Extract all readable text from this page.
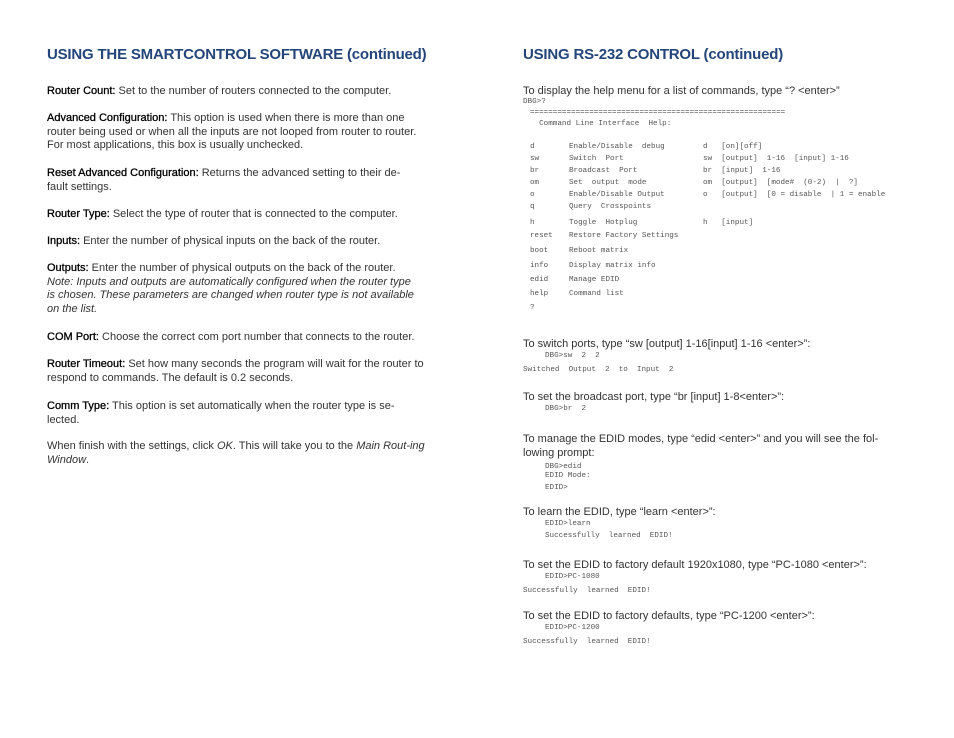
USING THE SMARTCONTROL SOFTWARE (continued)

Router Count: Set to the number of routers connected to the computer.

Advanced Configuration: This option is used when there is more than one router being used or when all the inputs are not looped from router to router. For most applications, this box is usually unchecked.

Reset Advanced Configuration: Returns the advanced setting to their de-fault settings.

Router Type: Select the type of router that is connected to the computer.

Inputs: Enter the number of physical inputs on the back of the router.

Outputs: Enter the number of physical outputs on the back of the router.
Note: Inputs and outputs are automatically configured when the router type is chosen. These parameters are changed when router type is not available on the list.

COM Port: Choose the correct com port number that connects to the router.

Router Timeout: Set how many seconds the program will wait for the router to respond to commands. The default is 0.2 seconds.

Comm Type: This option is set automatically when the router type is se-lected.

When finish with the settings, click OK. This will take you to the Main Rout-ing Window.

USING RS-232 CONTROL (continued)

To display the help menu for a list of commands, type “? <enter>”

DBG>?

========================================================

Command Line Interface  Help:

d	Enable/Disable  debug	d   [on][off]
sw	Switch  Port	sw  [output]  1-16  [input] 1-16
br	Broadcast  Port	br  [input]  1-16
om	Set  output  mode	om  [output]  [mode#  (0-2)  |  ?]
o	Enable/Disable Output	o   [output]  [0 = disable  | 1 = enable
q	Query  Crosspoints
h	Toggle  Hotplug	h   [input]
reset Restore Factory Settings
boot	Reboot matrix
info	Display matrix info
edid	Manage EDID
help	Command list
?

To switch ports, type “sw [output] 1-16[input] 1-16 <enter>”:

DBG>sw  2  2

Switched  Output  2  to  Input  2

To set the broadcast port, type “br [input] 1-8<enter>”:

DBG>br  2

To manage the EDID modes, type “edid <enter>” and you will see the fol-lowing prompt:

DBG>edid

EDID Mode:

EDID>

To learn the EDID, type “learn <enter>”:

EDID>learn

Successfully  learned  EDID!

To set the EDID to factory default 1920x1080, type “PC-1080 <enter>”:

EDID>PC-1080

Successfully  learned  EDID!

To set the EDID to factory defaults, type “PC-1200 <enter>”:

EDID>PC-1200

Successfully  learned  EDID!
